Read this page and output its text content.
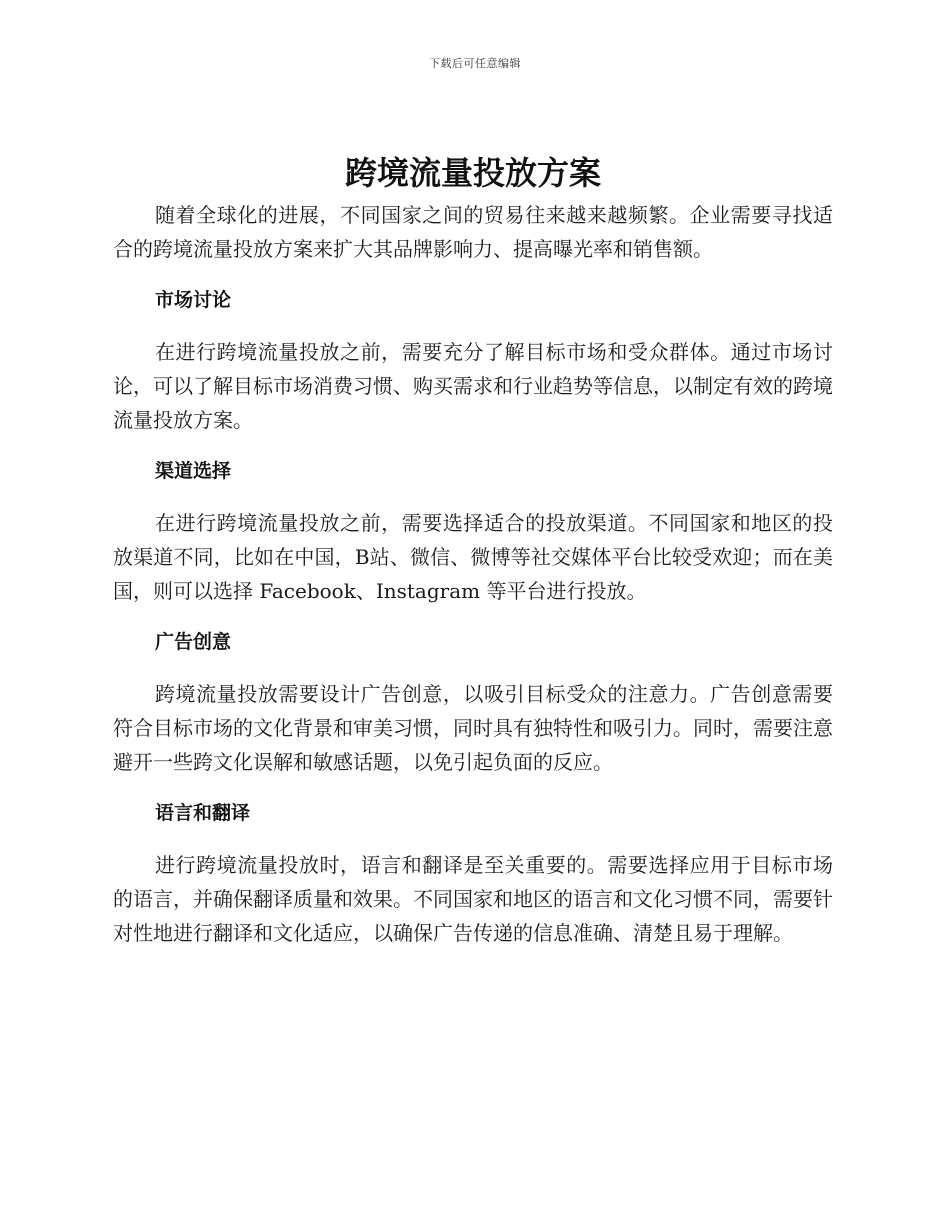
下载后可任意编辑
跨境流量投放方案

随着全球化的进展，不同国家之间的贸易往来越来越频繁。企业需要寻找适合的跨境流量投放方案来扩大其品牌影响力、提高曝光率和销售额。

市场讨论

在进行跨境流量投放之前，需要充分了解目标市场和受众群体。通过市场讨论，可以了解目标市场消费习惯、购买需求和行业趋势等信息，以制定有效的跨境流量投放方案。

渠道选择

在进行跨境流量投放之前，需要选择适合的投放渠道。不同国家和地区的投放渠道不同，比如在中国，B站、微信、微博等社交媒体平台比较受欢迎；而在美国，则可以选择 Facebook、Instagram 等平台进行投放。

广告创意

跨境流量投放需要设计广告创意，以吸引目标受众的注意力。广告创意需要符合目标市场的文化背景和审美习惯，同时具有独特性和吸引力。同时，需要注意避开一些跨文化误解和敏感话题，以免引起负面的反应。

语言和翻译

进行跨境流量投放时，语言和翻译是至关重要的。需要选择应用于目标市场的语言，并确保翻译质量和效果。不同国家和地区的语言和文化习惯不同，需要针对性地进行翻译和文化适应，以确保广告传递的信息准确、清楚且易于理解。
